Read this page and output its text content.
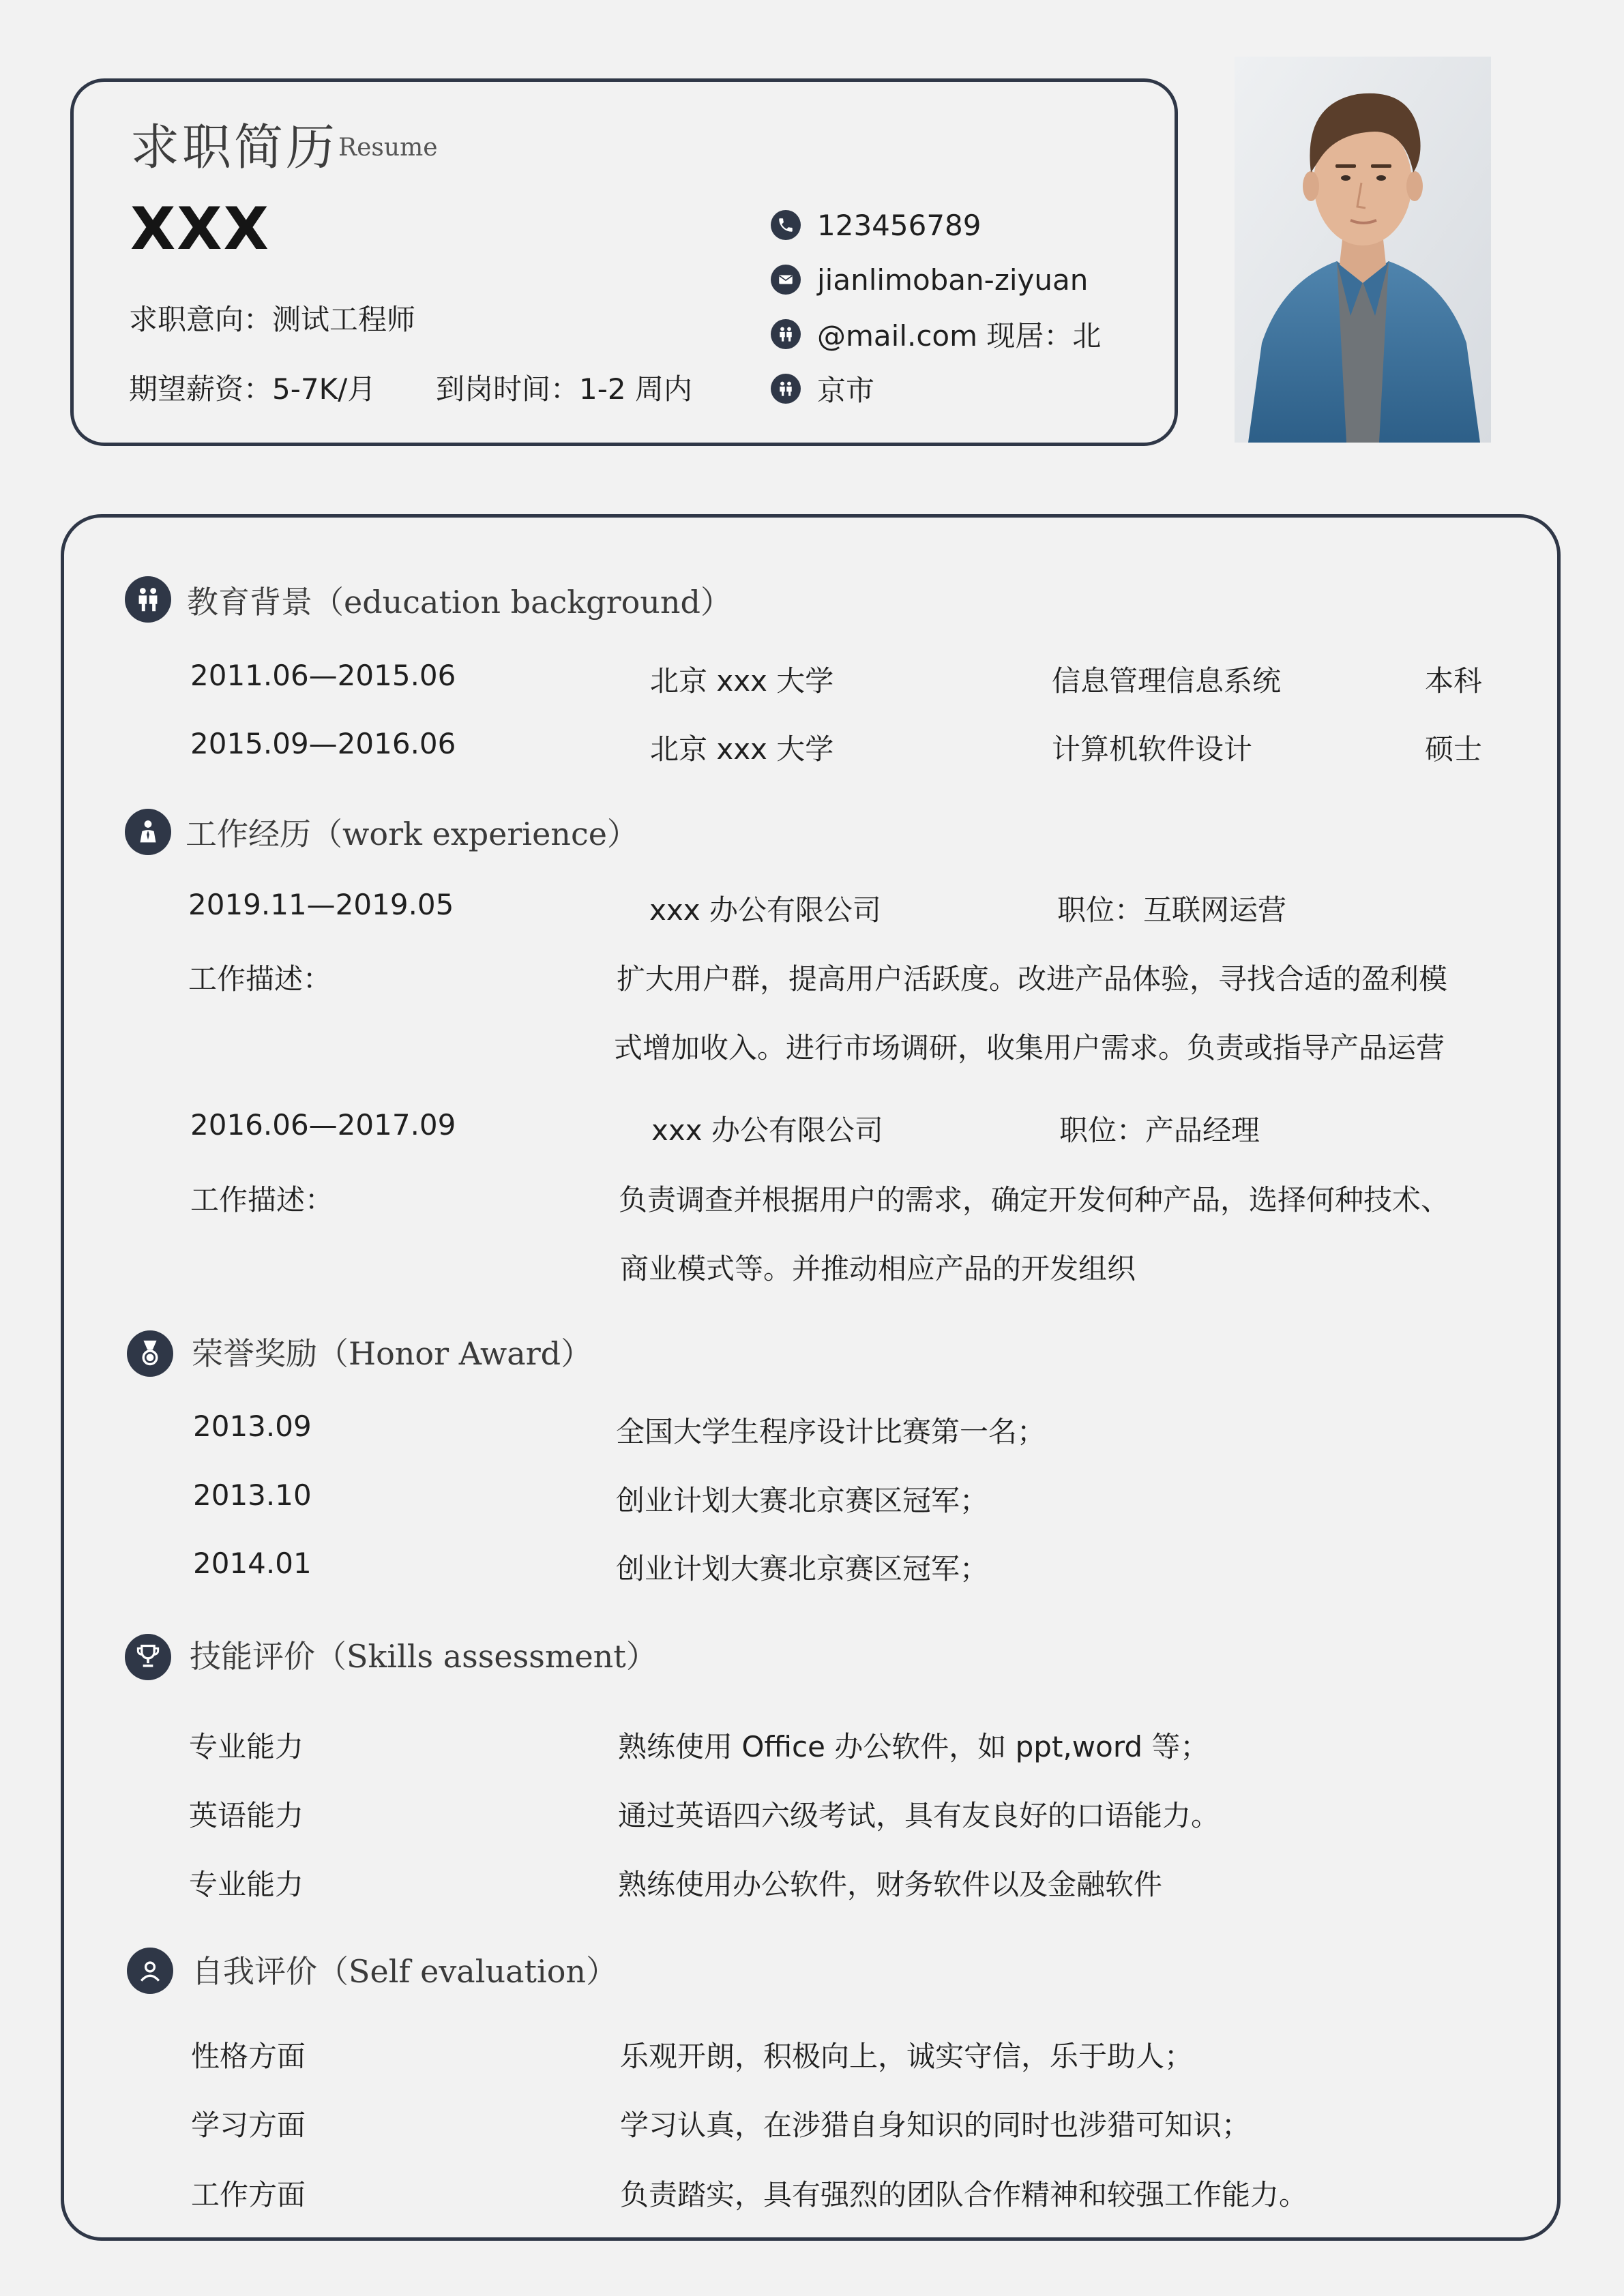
求职简历 Resume
XXX
求职意向：测试工程师
期望薪资：5-7K/月 到岗时间：1-2 周内
123456789
jianlimoban-ziyuan
@mail.com 现居：北
京市
教育背景（education background）
2011.06—2015.06	北京 xxx 大学	信息管理信息系统	本科
2015.09—2016.06	北京 xxx 大学	计算机软件设计	硕士
工作经历（work experience）
2019.11—2019.05	xxx 办公有限公司	职位：互联网运营
工作描述：	扩大用户群，提高用户活跃度。改进产品体验，寻找合适的盈利模
式增加收入。进行市场调研，收集用户需求。负责或指导产品运营
2016.06—2017.09	xxx 办公有限公司	职位：产品经理
工作描述：	负责调查并根据用户的需求，确定开发何种产品，选择何种技术、
商业模式等。并推动相应产品的开发组织
荣誉奖励（Honor Award）
2013.09	全国大学生程序设计比赛第一名；
2013.10	创业计划大赛北京赛区冠军；
2014.01	创业计划大赛北京赛区冠军；
技能评价（Skills assessment）
专业能力	熟练使用 Office 办公软件，如 ppt,word 等；
英语能力	通过英语四六级考试，具有友良好的口语能力。
专业能力	熟练使用办公软件，财务软件以及金融软件
自我评价（Self evaluation）
性格方面	乐观开朗，积极向上，诚实守信，乐于助人；
学习方面	学习认真，在涉猎自身知识的同时也涉猎可知识；
工作方面	负责踏实，具有强烈的团队合作精神和较强工作能力。
